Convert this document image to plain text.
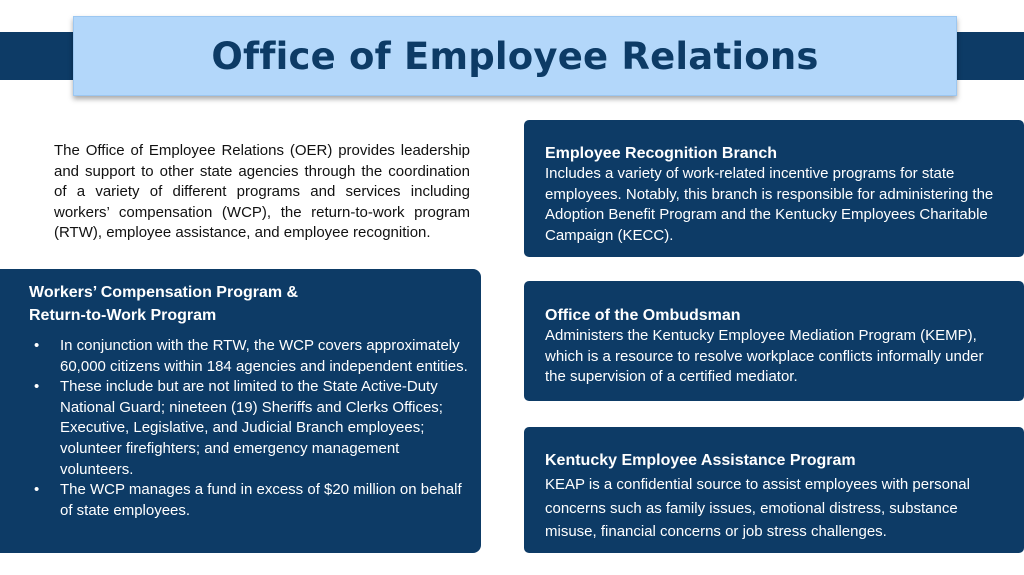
Office of Employee Relations

The Office of Employee Relations (OER) provides leadership and support to other state agencies through the coordination of a variety of different programs and services including workers’ compensation (WCP), the return-to-work program (RTW), employee assistance, and employee recognition.

Workers’ Compensation Program &
Return-to-Work Program
• In conjunction with the RTW, the WCP covers approximately 60,000 citizens within 184 agencies and independent entities.
• These include but are not limited to the State Active-Duty National Guard; nineteen (19) Sheriffs and Clerks Offices; Executive, Legislative, and Judicial Branch employees; volunteer firefighters; and emergency management volunteers.
• The WCP manages a fund in excess of $20 million on behalf of state employees.
Employee Recognition Branch

Includes a variety of work-related incentive programs for state employees. Notably, this branch is responsible for administering the Adoption Benefit Program and the Kentucky Employees Charitable Campaign (KECC).

Office of the Ombudsman

Administers the Kentucky Employee Mediation Program (KEMP), which is a resource to resolve workplace conflicts informally under the supervision of a certified mediator.

Kentucky Employee Assistance Program

KEAP is a confidential source to assist employees with personal concerns such as family issues, emotional distress, substance misuse, financial concerns or job stress challenges.
